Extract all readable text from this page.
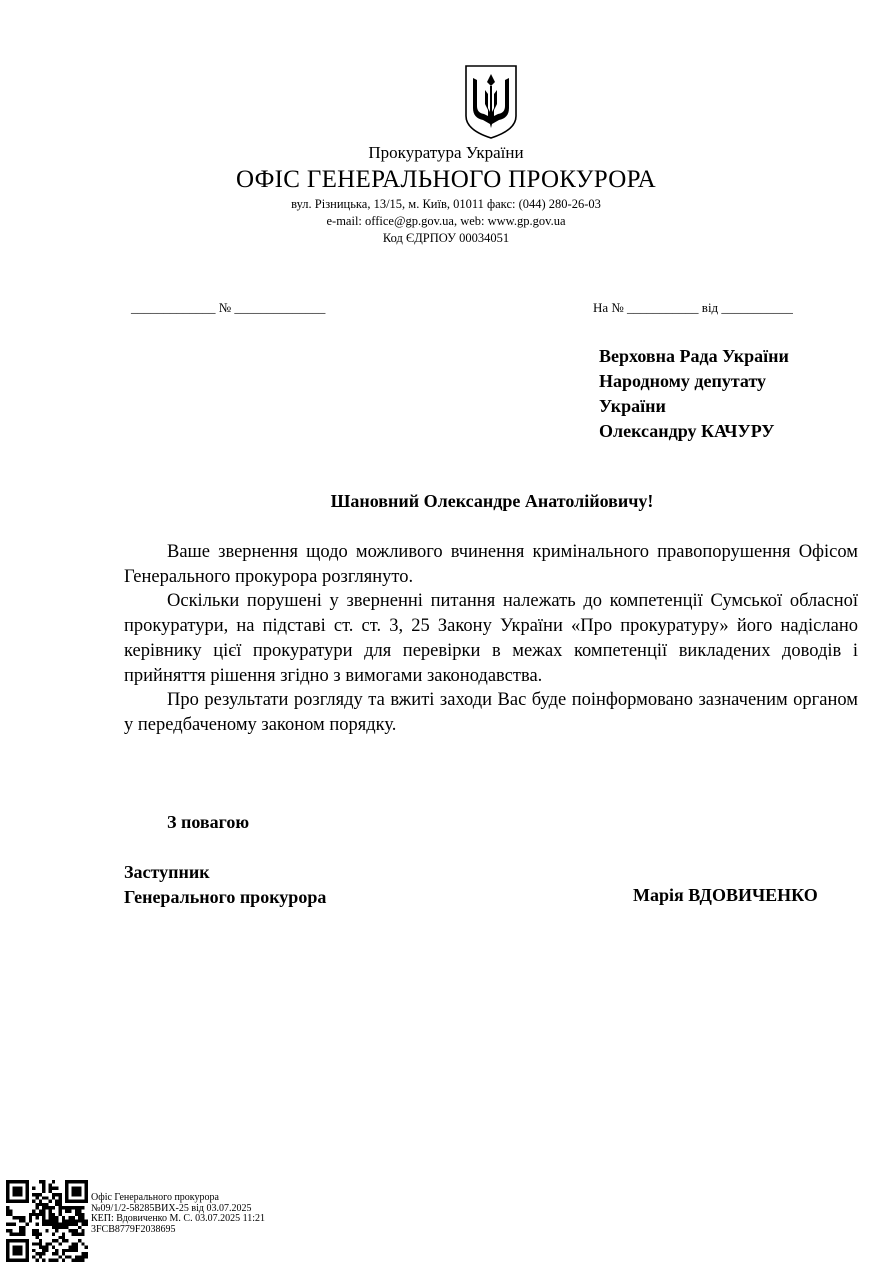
Прокуратура України
ОФІС ГЕНЕРАЛЬНОГО ПРОКУРОРА
вул. Різницька, 13/15, м. Київ, 01011 факс: (044) 280-26-03
e-mail: office@gp.gov.ua, web: www.gp.gov.ua
Код ЄДРПОУ 00034051
_____________ № ______________	На № ___________ від ___________
Верховна Рада України
Народному депутату
України
Олександру КАЧУРУ
Шановний Олександре Анатолійовичу!

Ваше звернення щодо можливого вчинення кримінального правопорушення Офісом Генерального прокурора розглянуто.

Оскільки порушені у зверненні питання належать до компетенції Сумської обласної прокуратури, на підставі ст. ст. 3, 25 Закону України «Про прокуратуру» його надіслано керівнику цієї прокуратури для перевірки в межах компетенції викладених доводів і прийняття рішення згідно з вимогами законодавства.

Про результати розгляду та вжиті заходи Вас буде поінформовано зазначеним органом у передбаченому законом порядку.

З повагою
Заступник
Генерального прокурора	Марія ВДОВИЧЕНКО
Офіс Генерального прокурора
№09/1/2-58285ВИХ-25 від 03.07.2025
КЕП: Вдовиченко М. С. 03.07.2025 11:21
3FCB8779F2038695
